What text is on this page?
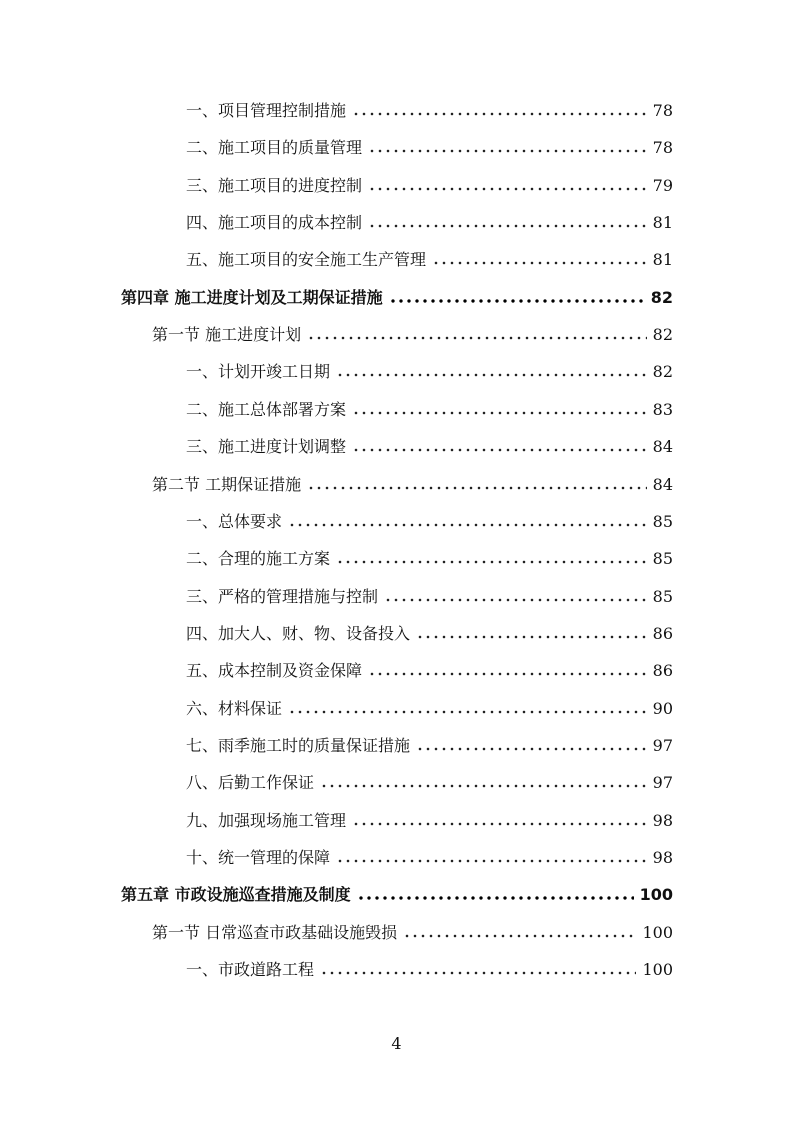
一、项目管理控制措施	78
二、施工项目的质量管理	78
三、施工项目的进度控制	79
四、施工项目的成本控制	81
五、施工项目的安全施工生产管理	81
第四章 施工进度计划及工期保证措施	82
第一节 施工进度计划	82
一、计划开竣工日期	82
二、施工总体部署方案	83
三、施工进度计划调整	84
第二节 工期保证措施	84
一、总体要求	85
二、合理的施工方案	85
三、严格的管理措施与控制	85
四、加大人、财、物、设备投入	86
五、成本控制及资金保障	86
六、材料保证	90
七、雨季施工时的质量保证措施	97
八、后勤工作保证	97
九、加强现场施工管理	98
十、统一管理的保障	98
第五章 市政设施巡查措施及制度	100
第一节 日常巡查市政基础设施毁损	100
一、市政道路工程	100
4
